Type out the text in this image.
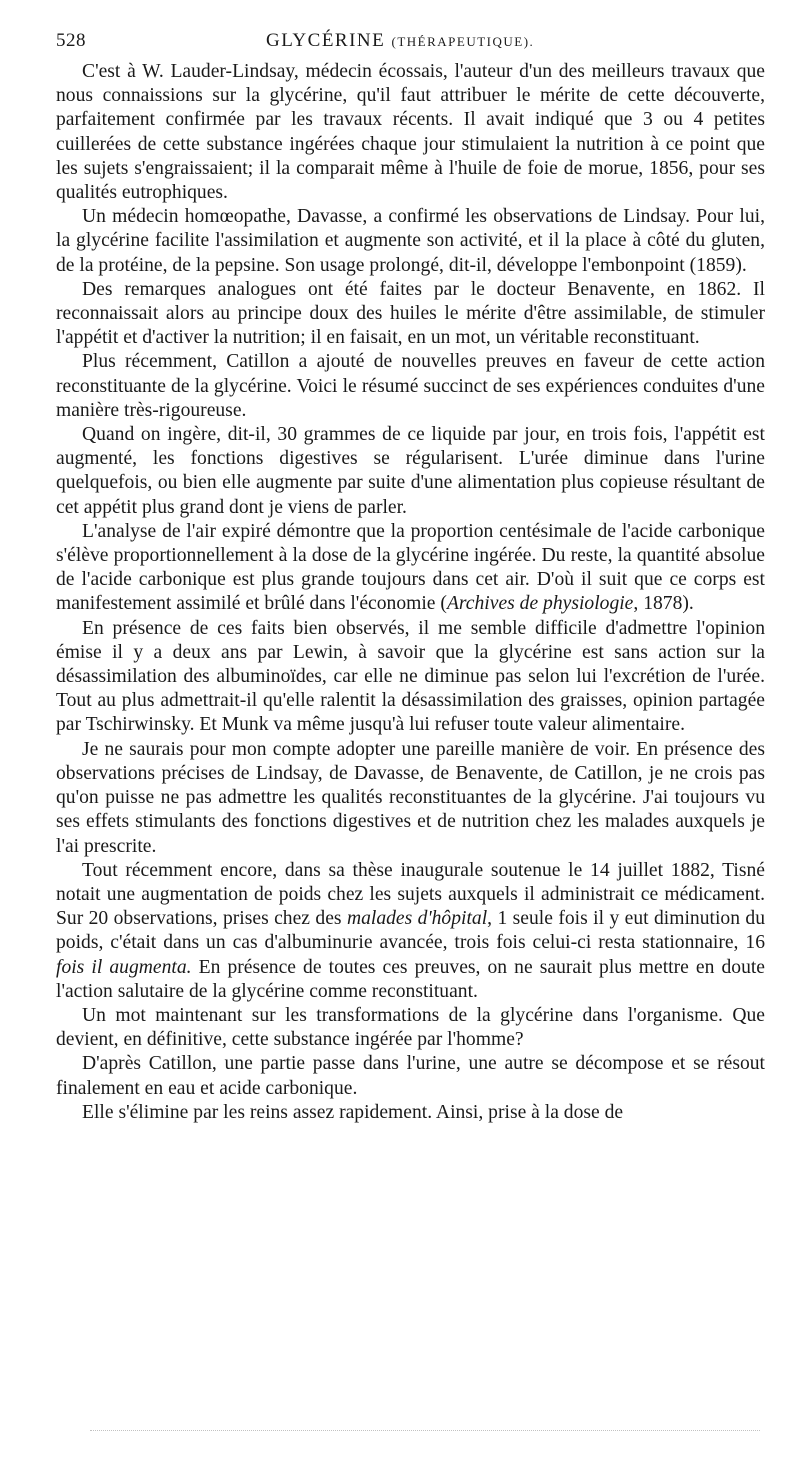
528	GLYCÉRINE (THÉRAPEUTIQUE).

C'est à W. Lauder-Lindsay, médecin écossais, l'auteur d'un des meilleurs travaux que nous connaissions sur la glycérine, qu'il faut attribuer le mérite de cette découverte, parfaitement confirmée par les travaux récents. Il avait indiqué que 3 ou 4 petites cuillerées de cette substance ingérées chaque jour stimulaient la nutrition à ce point que les sujets s'engraissaient; il la comparait même à l'huile de foie de morue, 1856, pour ses qualités eutrophiques.

Un médecin homœopathe, Davasse, a confirmé les observations de Lindsay. Pour lui, la glycérine facilite l'assimilation et augmente son activité, et il la place à côté du gluten, de la protéine, de la pepsine. Son usage prolongé, dit-il, développe l'embonpoint (1859).

Des remarques analogues ont été faites par le docteur Benavente, en 1862. Il reconnaissait alors au principe doux des huiles le mérite d'être assimilable, de stimuler l'appétit et d'activer la nutrition; il en faisait, en un mot, un véritable reconstituant.

Plus récemment, Catillon a ajouté de nouvelles preuves en faveur de cette action reconstituante de la glycérine. Voici le résumé succinct de ses expériences conduites d'une manière très-rigoureuse.

Quand on ingère, dit-il, 30 grammes de ce liquide par jour, en trois fois, l'appétit est augmenté, les fonctions digestives se régularisent. L'urée diminue dans l'urine quelquefois, ou bien elle augmente par suite d'une alimentation plus copieuse résultant de cet appétit plus grand dont je viens de parler.

L'analyse de l'air expiré démontre que la proportion centésimale de l'acide carbonique s'élève proportionnellement à la dose de la glycérine ingérée. Du reste, la quantité absolue de l'acide carbonique est plus grande toujours dans cet air. D'où il suit que ce corps est manifestement assimilé et brûlé dans l'économie (Archives de physiologie, 1878).

En présence de ces faits bien observés, il me semble difficile d'admettre l'opinion émise il y a deux ans par Lewin, à savoir que la glycérine est sans action sur la désassimilation des albuminoïdes, car elle ne diminue pas selon lui l'excrétion de l'urée. Tout au plus admettrait-il qu'elle ralentit la désassimilation des graisses, opinion partagée par Tschirwinsky. Et Munk va même jusqu'à lui refuser toute valeur alimentaire.

Je ne saurais pour mon compte adopter une pareille manière de voir. En présence des observations précises de Lindsay, de Davasse, de Benavente, de Catillon, je ne crois pas qu'on puisse ne pas admettre les qualités reconstituantes de la glycérine. J'ai toujours vu ses effets stimulants des fonctions digestives et de nutrition chez les malades auxquels je l'ai prescrite.

Tout récemment encore, dans sa thèse inaugurale soutenue le 14 juillet 1882, Tisné notait une augmentation de poids chez les sujets auxquels il administrait ce médicament. Sur 20 observations, prises chez des malades d'hôpital, 1 seule fois il y eut diminution du poids, c'était dans un cas d'albuminurie avancée, trois fois celui-ci resta stationnaire, 16 fois il augmenta. En présence de toutes ces preuves, on ne saurait plus mettre en doute l'action salutaire de la glycérine comme reconstituant.

Un mot maintenant sur les transformations de la glycérine dans l'organisme. Que devient, en définitive, cette substance ingérée par l'homme?

D'après Catillon, une partie passe dans l'urine, une autre se décompose et se résout finalement en eau et acide carbonique.

Elle s'élimine par les reins assez rapidement. Ainsi, prise à la dose de
